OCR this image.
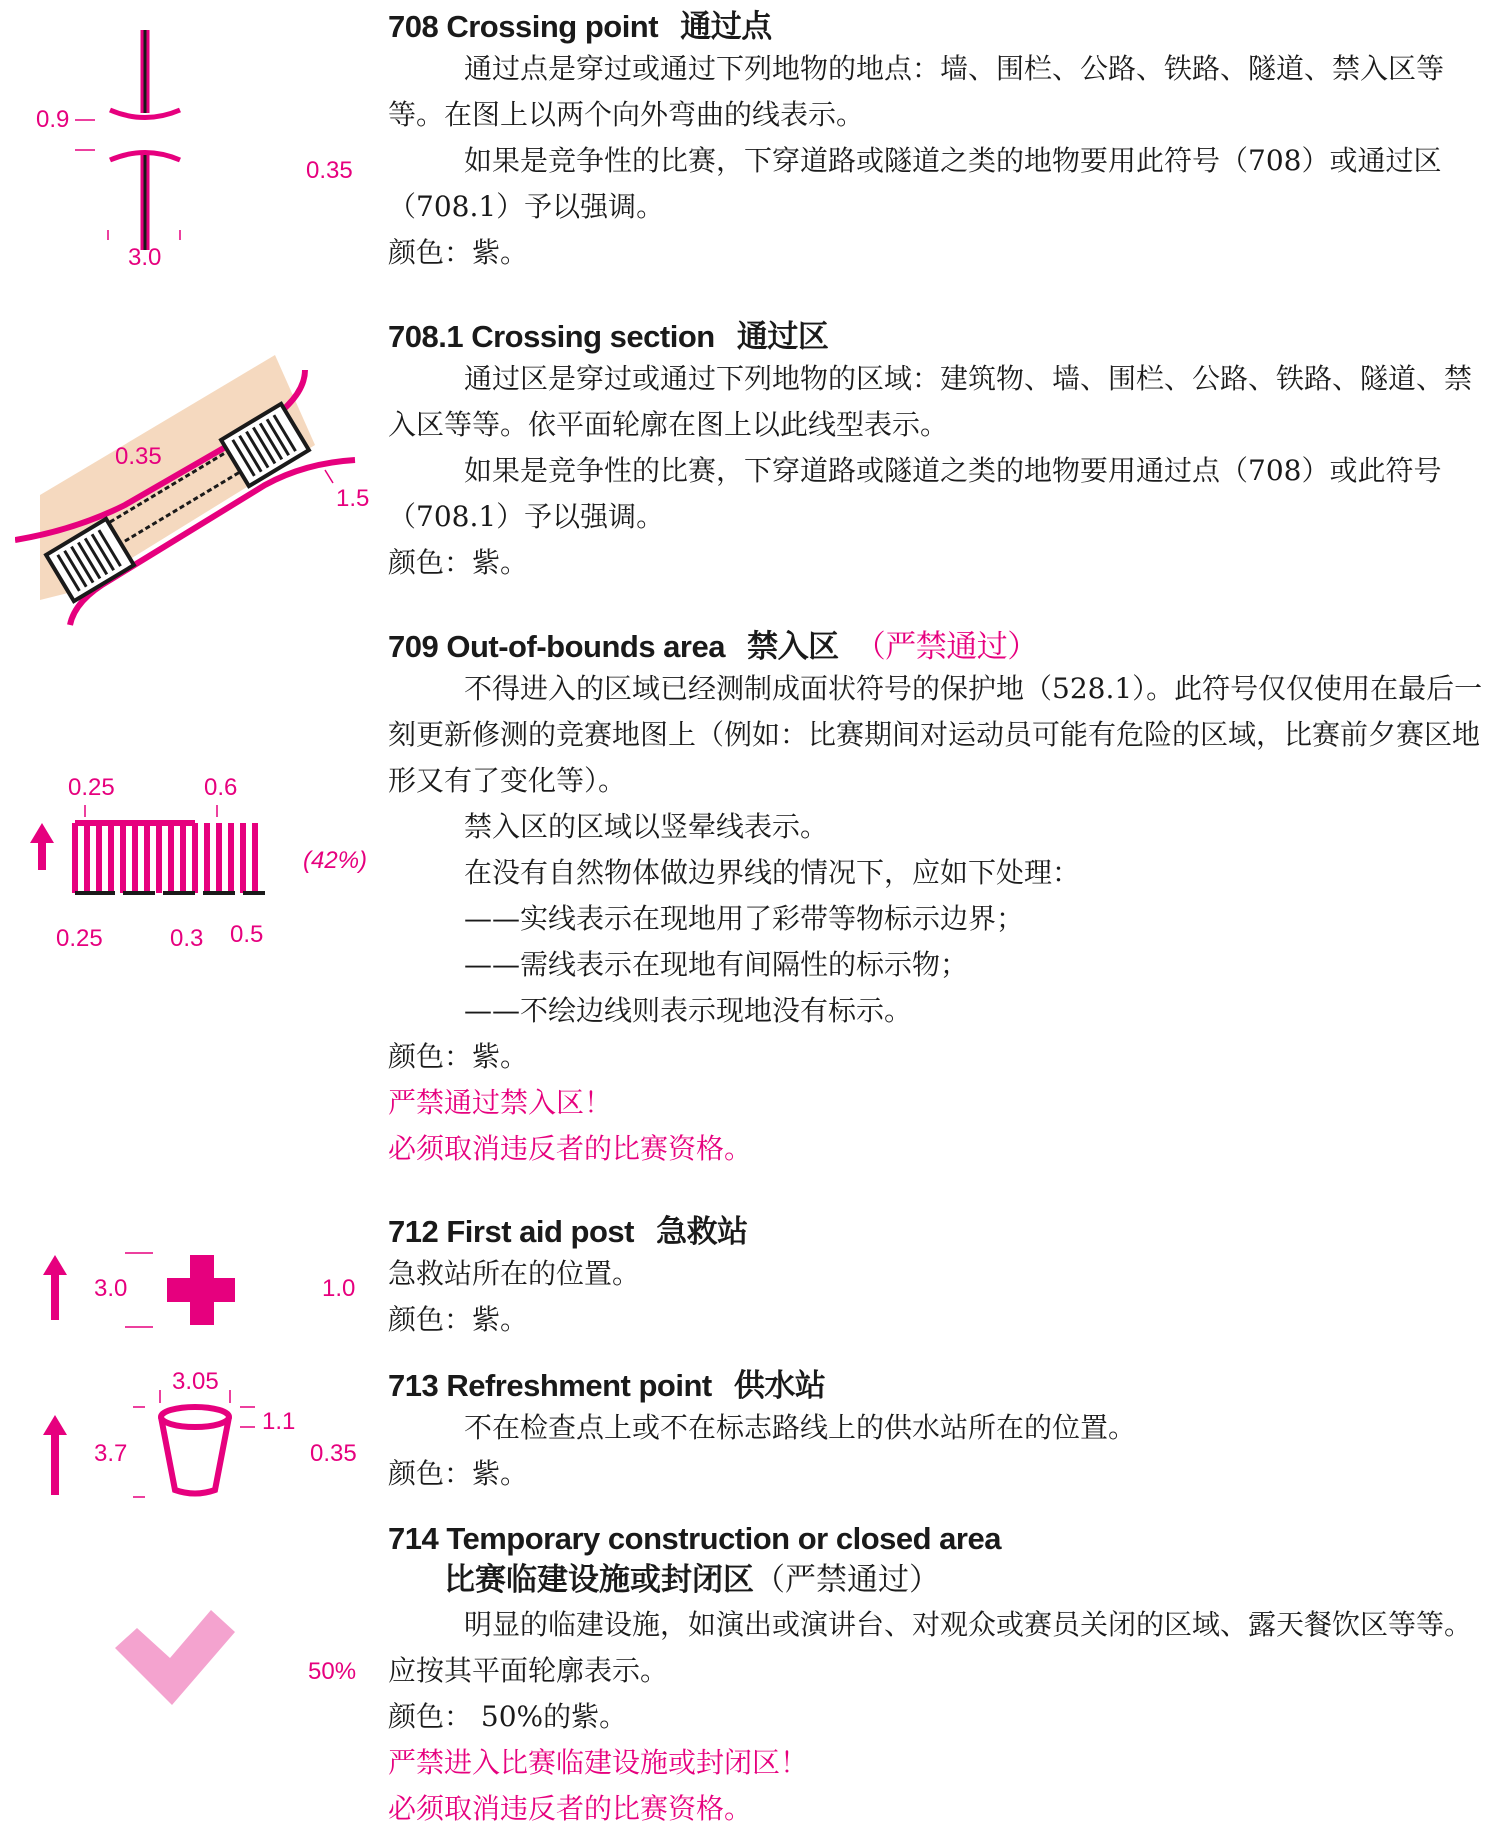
0.9
0.35
3.0
0.35
1.5
0.25	0.6
(42%)
0.25	0.3 0.5
3.0	1.0
3.05
1.1
3.7	0.35
50%
708 Crossing point 通过点

通过点是穿过或通过下列地物的地点：墙、围栏、公路、铁路、隧道、禁入区等等。在图上以两个向外弯曲的线表示。

如果是竞争性的比赛，下穿道路或隧道之类的地物要用此符号（708）或通过区（708.1）予以强调。

颜色：紫。

708.1 Crossing section 通过区

通过区是穿过或通过下列地物的区域：建筑物、墙、围栏、公路、铁路、隧道、禁入区等等。依平面轮廓在图上以此线型表示。

如果是竞争性的比赛，下穿道路或隧道之类的地物要用通过点（708）或此符号（708.1）予以强调。

颜色：紫。

709 Out-of-bounds area 禁入区 （严禁通过）

不得进入的区域已经测制成面状符号的保护地（528.1）。此符号仅仅使用在最后一刻更新修测的竞赛地图上（例如：比赛期间对运动员可能有危险的区域，比赛前夕赛区地形又有了变化等）。

禁入区的区域以竖晕线表示。

在没有自然物体做边界线的情况下，应如下处理：

——实线表示在现地用了彩带等物标示边界；

——需线表示在现地有间隔性的标示物；

——不绘边线则表示现地没有标示。

颜色：紫。

严禁通过禁入区！

必须取消违反者的比赛资格。

712 First aid post 急救站

急救站所在的位置。

颜色：紫。

713 Refreshment point 供水站

不在检查点上或不在标志路线上的供水站所在的位置。

颜色：紫。

714 Temporary construction or closed area
比赛临建设施或封闭区（严禁通过）

明显的临建设施，如演出或演讲台、对观众或赛员关闭的区域、露天餐饮区等等。应按其平面轮廓表示。

颜色： 50%的紫。

严禁进入比赛临建设施或封闭区！

必须取消违反者的比赛资格。
